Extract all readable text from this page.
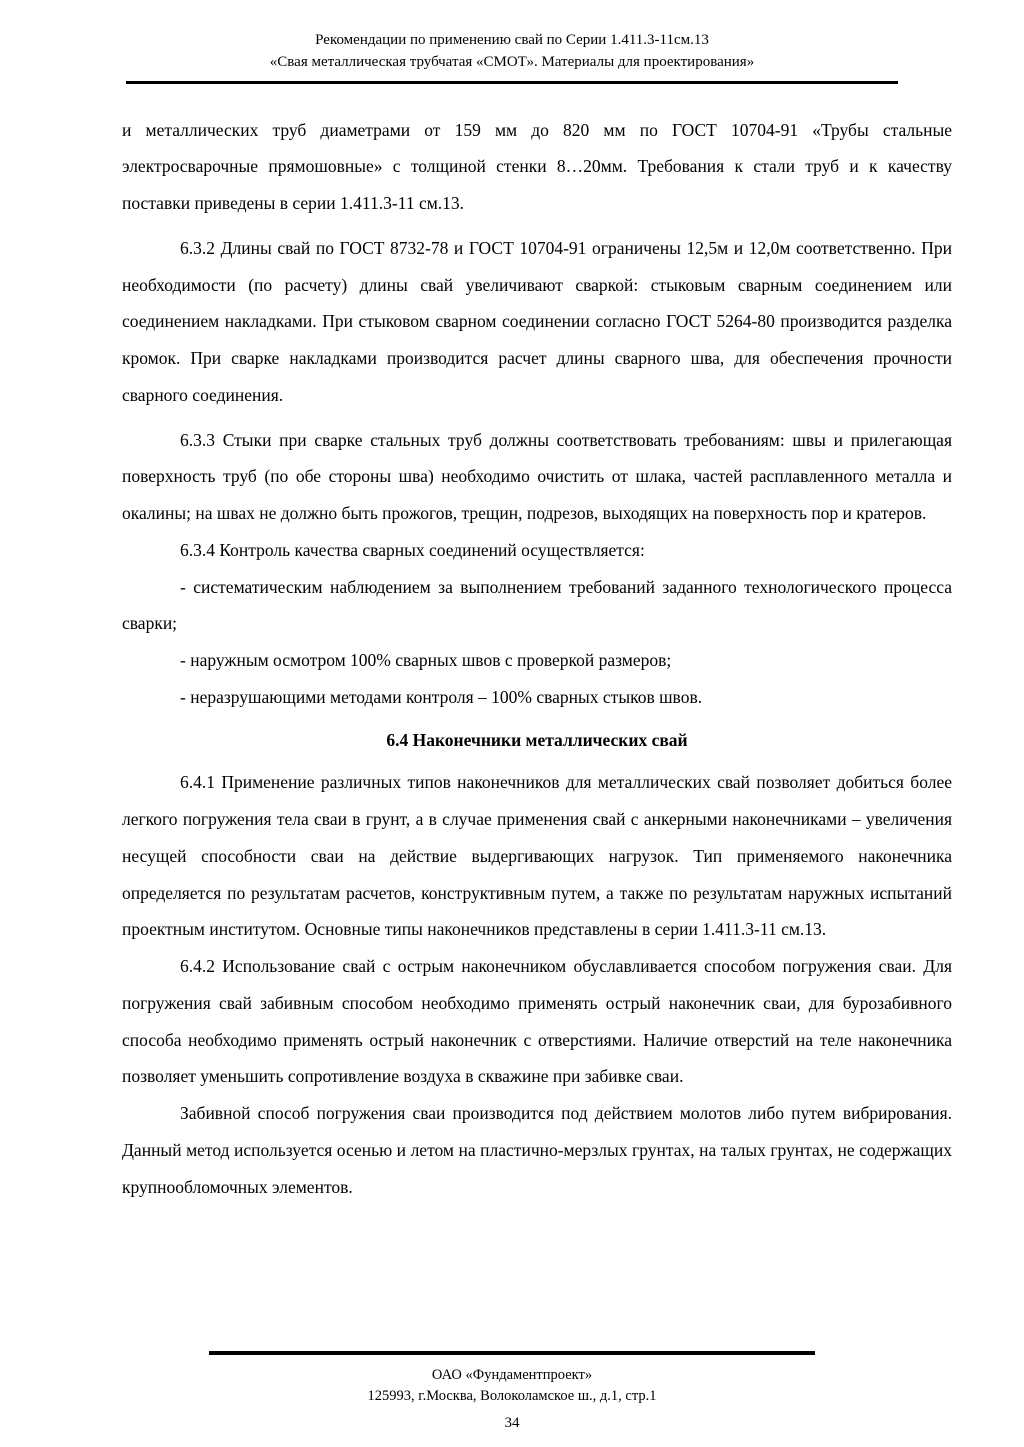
Рекомендации по применению свай по Серии 1.411.3-11см.13
«Свая металлическая трубчатая «СМОТ». Материалы для проектирования»

и металлических труб диаметрами от 159 мм до 820 мм по ГОСТ 10704-91 «Трубы стальные электросварочные прямошовные» с толщиной стенки 8…20мм. Требования к стали труб и к качеству поставки приведены в серии 1.411.3-11 см.13.

6.3.2 Длины свай по ГОСТ 8732-78 и ГОСТ 10704-91 ограничены 12,5м и 12,0м соответственно. При необходимости (по расчету) длины свай увеличивают сваркой: стыковым сварным соединением или соединением накладками. При стыковом сварном соединении согласно ГОСТ 5264-80 производится разделка кромок. При сварке накладками производится расчет длины сварного шва, для обеспечения прочности сварного соединения.

6.3.3 Стыки при сварке стальных труб должны соответствовать требованиям: швы и прилегающая поверхность труб (по обе стороны шва) необходимо очистить от шлака, частей расплавленного металла и окалины; на швах не должно быть прожогов, трещин, подрезов, выходящих на поверхность пор и кратеров.

6.3.4 Контроль качества сварных соединений осуществляется:

- систематическим наблюдением за выполнением требований заданного технологического процесса сварки;

- наружным осмотром 100% сварных швов с проверкой размеров;

- неразрушающими методами контроля – 100% сварных стыков швов.

6.4 Наконечники металлических свай

6.4.1 Применение различных типов наконечников для металлических свай позволяет добиться более легкого погружения тела сваи в грунт, а в случае применения свай с анкерными наконечниками – увеличения несущей способности сваи на действие выдергивающих нагрузок. Тип применяемого наконечника определяется по результатам расчетов, конструктивным путем, а также по результатам наружных испытаний проектным институтом. Основные типы наконечников представлены в серии 1.411.3-11 см.13.

6.4.2 Использование свай с острым наконечником обуславливается способом погружения сваи. Для погружения свай забивным способом необходимо применять острый наконечник сваи, для бурозабивного способа необходимо применять острый наконечник с отверстиями. Наличие отверстий на теле наконечника позволяет уменьшить сопротивление воздуха в скважине при забивке сваи.

Забивной способ погружения сваи производится под действием молотов либо путем вибрирования. Данный метод используется осенью и летом на пластично-мерзлых грунтах, на талых грунтах, не содержащих крупнообломочных элементов.

ОАО «Фундаментпроект»
125993, г.Москва, Волоколамское ш., д.1, стр.1
34
